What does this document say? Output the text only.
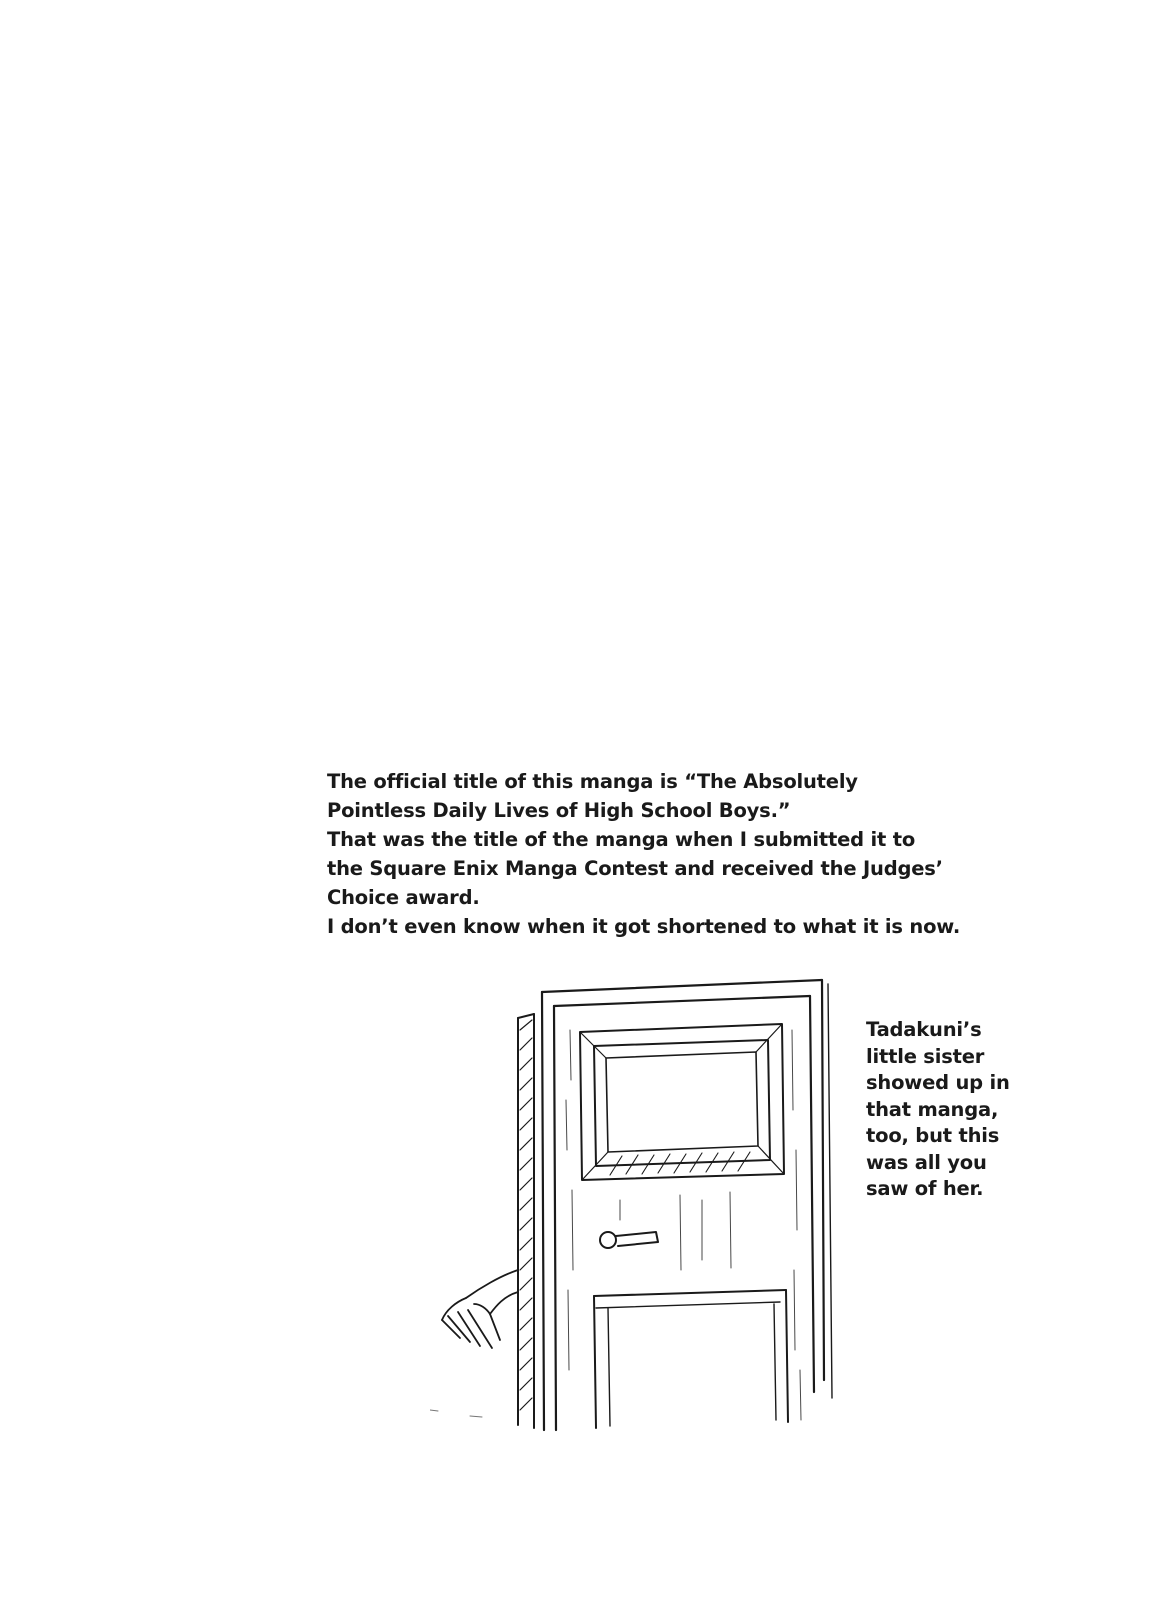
The official title of this manga is “The Absolutely
Pointless Daily Lives of High School Boys.”
That was the title of the manga when I submitted it to
the Square Enix Manga Contest and received the Judges’
Choice award.
I don’t even know when it got shortened to what it is now.

Tadakuni’s
little sister
showed up in
that manga,
too, but this
was all you
saw of her.
